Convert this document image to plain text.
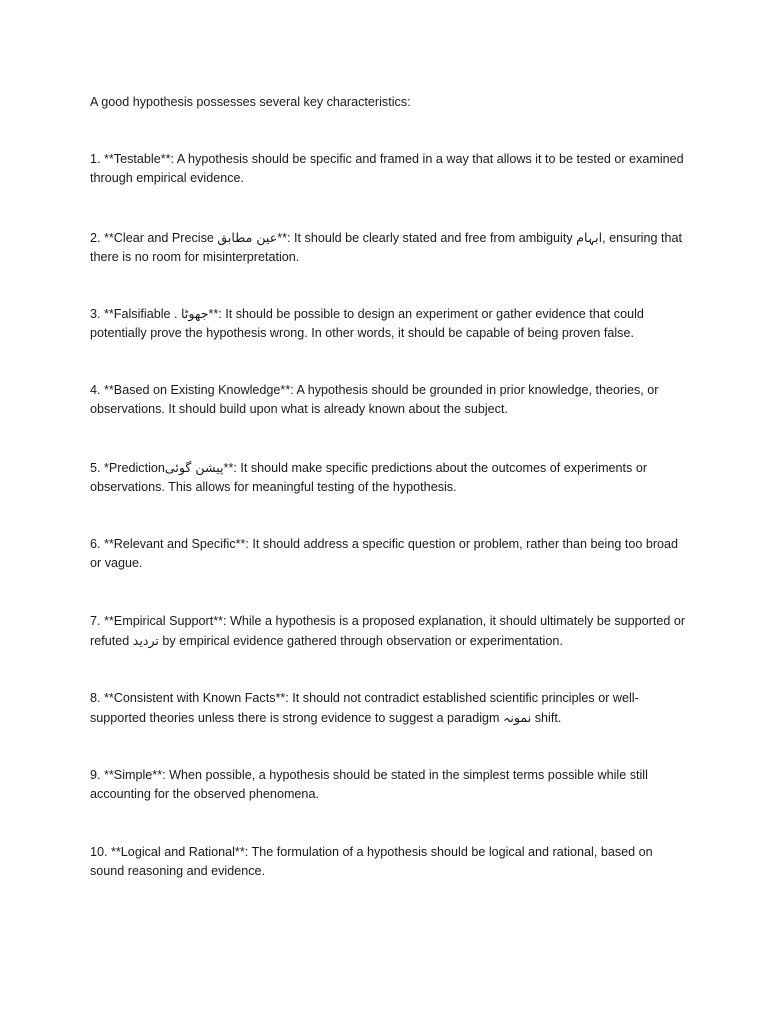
A good hypothesis possesses several key characteristics:

1. **Testable**: A hypothesis should be specific and framed in a way that allows it to be tested or examined through empirical evidence.

2. **Clear and Precise عین مطابق**: It should be clearly stated and free from ambiguity ابہام, ensuring that there is no room for misinterpretation.

3. **Falsifiable . جھوٹا**: It should be possible to design an experiment or gather evidence that could potentially prove the hypothesis wrong. In other words, it should be capable of being proven false.

4. **Based on Existing Knowledge**: A hypothesis should be grounded in prior knowledge, theories, or observations. It should build upon what is already known about the subject.

5. *Predictionپیشن گوئی**: It should make specific predictions about the outcomes of experiments or observations. This allows for meaningful testing of the hypothesis.

6. **Relevant and Specific**: It should address a specific question or problem, rather than being too broad or vague.

7. **Empirical Support**: While a hypothesis is a proposed explanation, it should ultimately be supported or refuted تردید by empirical evidence gathered through observation or experimentation.

8. **Consistent with Known Facts**: It should not contradict established scientific principles or well-supported theories unless there is strong evidence to suggest a paradigm نمونہ shift.

9. **Simple**: When possible, a hypothesis should be stated in the simplest terms possible while still accounting for the observed phenomena.

10. **Logical and Rational**: The formulation of a hypothesis should be logical and rational, based on sound reasoning and evidence.
